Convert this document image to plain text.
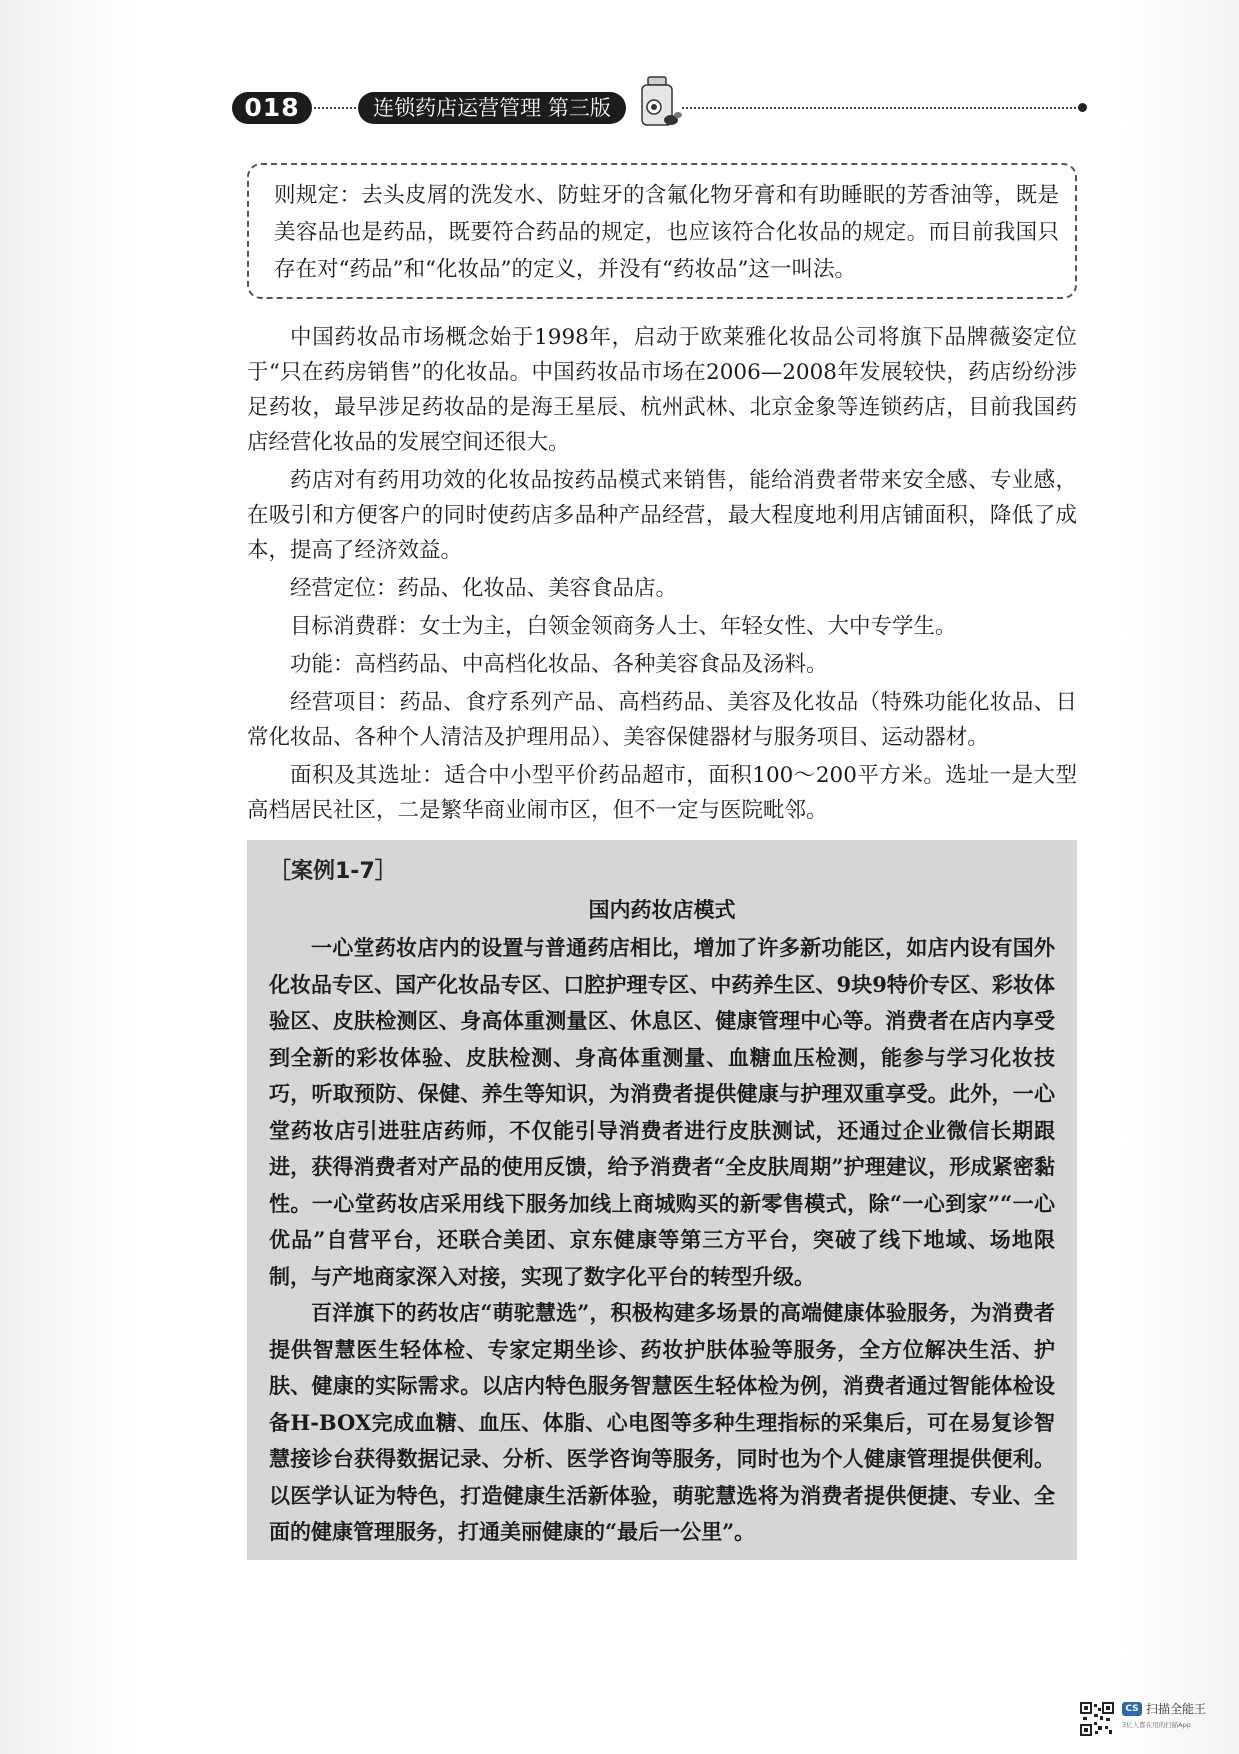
018	连锁药店运营管理 第三版

则规定：去头皮屑的洗发水、防蛀牙的含氟化物牙膏和有助睡眠的芳香油等，既是美容品也是药品，既要符合药品的规定，也应该符合化妆品的规定。而目前我国只存在对“药品”和“化妆品”的定义，并没有“药妆品”这一叫法。

中国药妆品市场概念始于1998年，启动于欧莱雅化妆品公司将旗下品牌薇姿定位于“只在药房销售”的化妆品。中国药妆品市场在2006—2008年发展较快，药店纷纷涉足药妆，最早涉足药妆品的是海王星辰、杭州武林、北京金象等连锁药店，目前我国药店经营化妆品的发展空间还很大。

药店对有药用功效的化妆品按药品模式来销售，能给消费者带来安全感、专业感，在吸引和方便客户的同时使药店多品种产品经营，最大程度地利用店铺面积，降低了成本，提高了经济效益。

经营定位：药品、化妆品、美容食品店。

目标消费群：女士为主，白领金领商务人士、年轻女性、大中专学生。

功能：高档药品、中高档化妆品、各种美容食品及汤料。

经营项目：药品、食疗系列产品、高档药品、美容及化妆品（特殊功能化妆品、日常化妆品、各种个人清洁及护理用品）、美容保健器材与服务项目、运动器材。

面积及其选址：适合中小型平价药品超市，面积100～200平方米。选址一是大型高档居民社区，二是繁华商业闹市区，但不一定与医院毗邻。

［案例1-7］
国内药妆店模式

一心堂药妆店内的设置与普通药店相比，增加了许多新功能区，如店内设有国外化妆品专区、国产化妆品专区、口腔护理专区、中药养生区、9块9特价专区、彩妆体验区、皮肤检测区、身高体重测量区、休息区、健康管理中心等。消费者在店内享受到全新的彩妆体验、皮肤检测、身高体重测量、血糖血压检测，能参与学习化妆技巧，听取预防、保健、养生等知识，为消费者提供健康与护理双重享受。此外，一心堂药妆店引进驻店药师，不仅能引导消费者进行皮肤测试，还通过企业微信长期跟进，获得消费者对产品的使用反馈，给予消费者“全皮肤周期”护理建议，形成紧密黏性。一心堂药妆店采用线下服务加线上商城购买的新零售模式，除“一心到家”“一心优品”自营平台，还联合美团、京东健康等第三方平台，突破了线下地域、场地限制，与产地商家深入对接，实现了数字化平台的转型升级。

百洋旗下的药妆店“萌驼慧选”，积极构建多场景的高端健康体验服务，为消费者提供智慧医生轻体检、专家定期坐诊、药妆护肤体验等服务，全方位解决生活、护肤、健康的实际需求。以店内特色服务智慧医生轻体检为例，消费者通过智能体检设备H-BOX完成血糖、血压、体脂、心电图等多种生理指标的采集后，可在易复诊智慧接诊台获得数据记录、分析、医学咨询等服务，同时也为个人健康管理提供便利。以医学认证为特色，打造健康生活新体验，萌驼慧选将为消费者提供便捷、专业、全面的健康管理服务，打通美丽健康的“最后一公里”。

CS 扫描全能王
3亿人都在用的扫描App
